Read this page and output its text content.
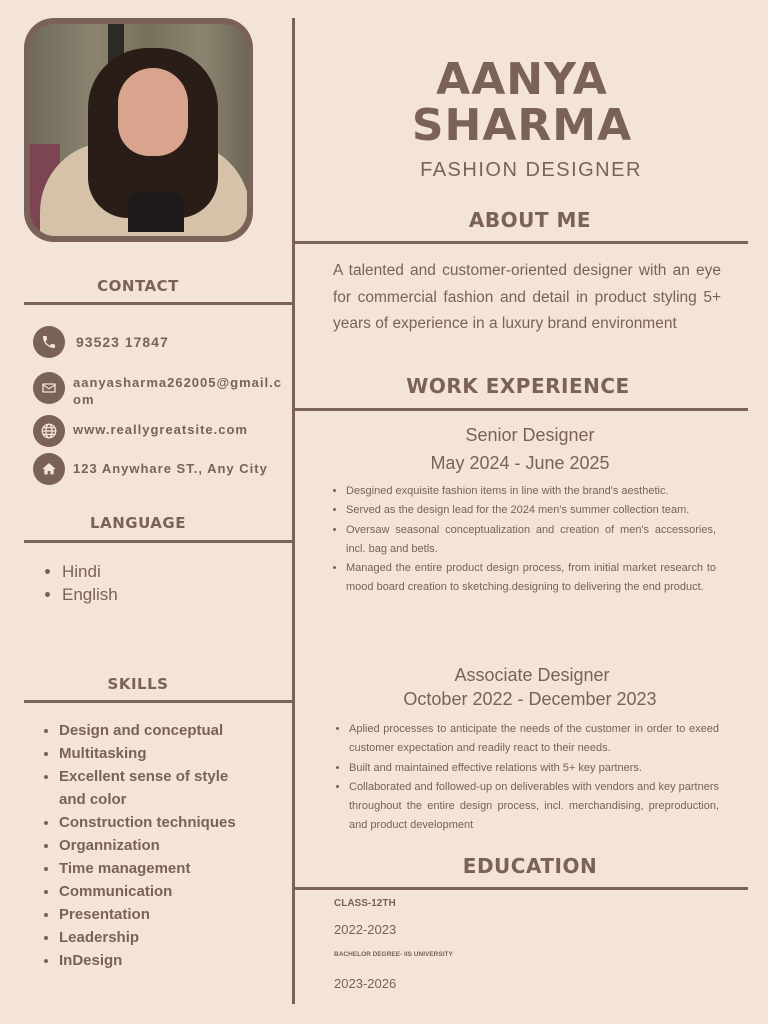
AANYA
SHARMA
FASHION DESIGNER
ABOUT ME
A talented and customer-oriented designer with an eye for commercial fashion and detail in product styling 5+ years of experience in a luxury brand environment
CONTACT
93523 17847
aanyasharma262005@gmail.com
www.reallygreatsite.com
123 Anywhare ST., Any City
LANGUAGE
• Hindi
• English
SKILLS
• Design and conceptual
• Multitasking
• Excellent sense of style and color
• Construction techniques
• Organnization
• Time management
• Communication
• Presentation
• Leadership
• InDesign
WORK EXPERIENCE
Senior Designer
May 2024 - June 2025
• Desgined exquisite fashion items in line with the brand's aesthetic.
• Served as the design lead for the 2024 men's summer collection team.
• Oversaw seasonal conceptualization and creation of men's accessories, incl. bag and betls.
• Managed the entire product design process, from initial market research to mood board creation to sketching.designing to delivering the end product.
Associate Designer
October 2022 - December 2023
• Aplied processes to anticipate the needs of the customer in order to exeed customer expectation and readily react to their needs.
• Built and maintained effective relations with 5+ key partners.
• Collaborated and followed-up on deliverables with vendors and key partners throughout the entire design process, incl. merchandising, preproduction, and product development
EDUCATION
CLASS-12TH
2022-2023
BACHELOR DEGREE- IIS UNIVERSITY
2023-2026
